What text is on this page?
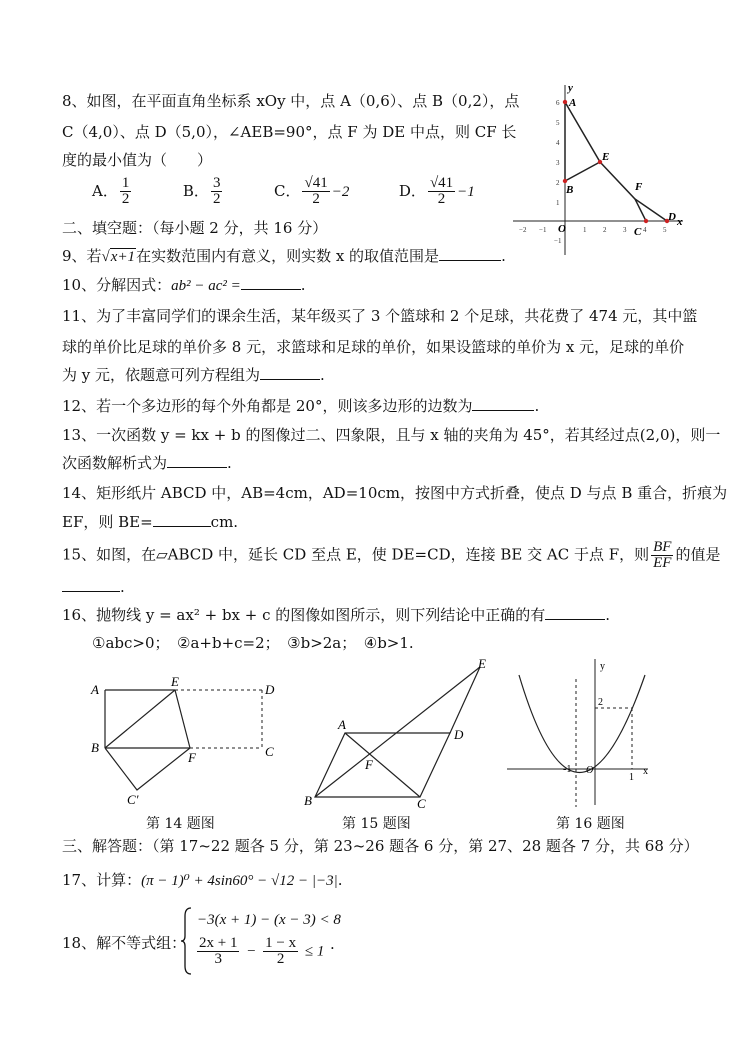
8、如图，在平面直角坐标系 xOy 中，点 A（0,6）、点 B（0,2），点
C（4,0）、点 D（5,0），∠AEB=90°，点 F 为 DE 中点，则 CF 长
度的最小值为（　　）
A． $\frac{1}{2}$	B． $\frac{3}{2}$	C． $\frac{√41}{2} -2$	D． $\frac{√41}{2} -1$
6
5
4
3
2
1
−1
−2 −1	1 2 3 4 5
y
A
E
B	F
O	C
D x
二、填空题：（每小题 2 分，共 16 分）
9、若√x+1在实数范围内有意义，则实数 x 的取值范围是	.
10、分解因式：ab² − ac² =	.
11、为了丰富同学们的课余生活，某年级买了 3 个篮球和 2 个足球，共花费了 474 元，其中篮
球的单价比足球的单价多 8 元，求篮球和足球的单价，如果设篮球的单价为 x 元，足球的单价
为 y 元，依题意可列方程组为	.
12、若一个多边形的每个外角都是 20°，则该多边形的边数为	.
13、一次函数 y = kx + b 的图像过二、四象限，且与 x 轴的夹角为 45°，若其经过点(2,0)，则一
次函数解析式为	.
14、矩形纸片 ABCD 中，AB=4cm，AD=10cm，按图中方式折叠，使点 D 与点 B 重合，折痕为
EF，则 BE=	cm.
15、如图，在▱ABCD 中，延长 CD 至点 E，使 DE=CD，连接 BE 交 AC 于点 F，则 $\frac{BF}{EF}$ 的值是
.
16、抛物线 y = ax² + bx + c 的图像如图所示，则下列结论中正确的有	.
①abc>0；　②a+b+c=2；　③b>2a；　④b>1.
A
E
D
B
F	C
C′
第 14 题图
A
D
E
F
B	C
第 15 题图
y
x
2
-1 O
1
第 16 题图
三、解答题：（第 17~22 题各 5 分，第 23~26 题各 6 分，第 27、28 题各 7 分，共 68 分）
17、计算：(π − 1)⁰ + 4sin60° − √12 − |−3|.
18、解不等式组：
−3(x + 1) − (x − 3) < 8
$\frac{2x + 1}{3} - \frac{1 - x}{2} \le 1$ .
